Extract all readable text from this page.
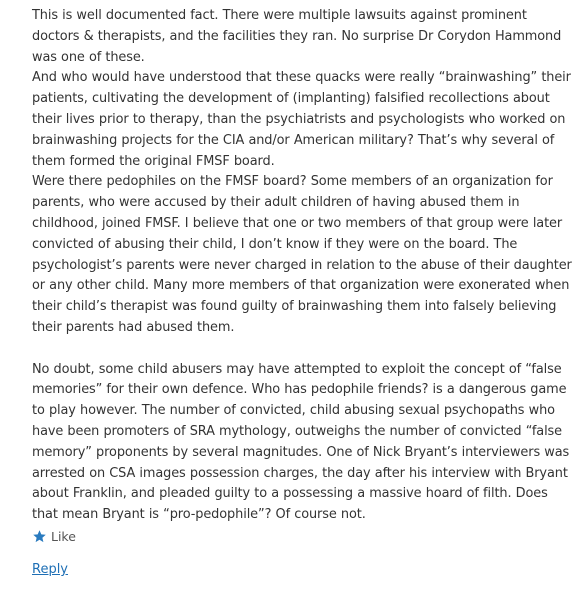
This is well documented fact. There were multiple lawsuits against prominent doctors & therapists, and the facilities they ran. No surprise Dr Corydon Hammond was one of these.

And who would have understood that these quacks were really “brainwashing” their patients, cultivating the development of (implanting) falsified recollections about their lives prior to therapy, than the psychiatrists and psychologists who worked on brainwashing projects for the CIA and/or American military? That’s why several of them formed the original FMSF board.

Were there pedophiles on the FMSF board? Some members of an organization for parents, who were accused by their adult children of having abused them in childhood, joined FMSF. I believe that one or two members of that group were later convicted of abusing their child, I don’t know if they were on the board. The psychologist’s parents were never charged in relation to the abuse of their daughter or any other child. Many more members of that organization were exonerated when their child’s therapist was found guilty of brainwashing them into falsely believing their parents had abused them.

No doubt, some child abusers may have attempted to exploit the concept of “false memories” for their own defence. Who has pedophile friends? is a dangerous game to play however. The number of convicted, child abusing sexual psychopaths who have been promoters of SRA mythology, outweighs the number of convicted “false memory” proponents by several magnitudes. One of Nick Bryant’s interviewers was arrested on CSA images possession charges, the day after his interview with Bryant about Franklin, and pleaded guilty to a possessing a massive hoard of filth. Does that mean Bryant is “pro-pedophile”? Of course not.

Like
Reply
